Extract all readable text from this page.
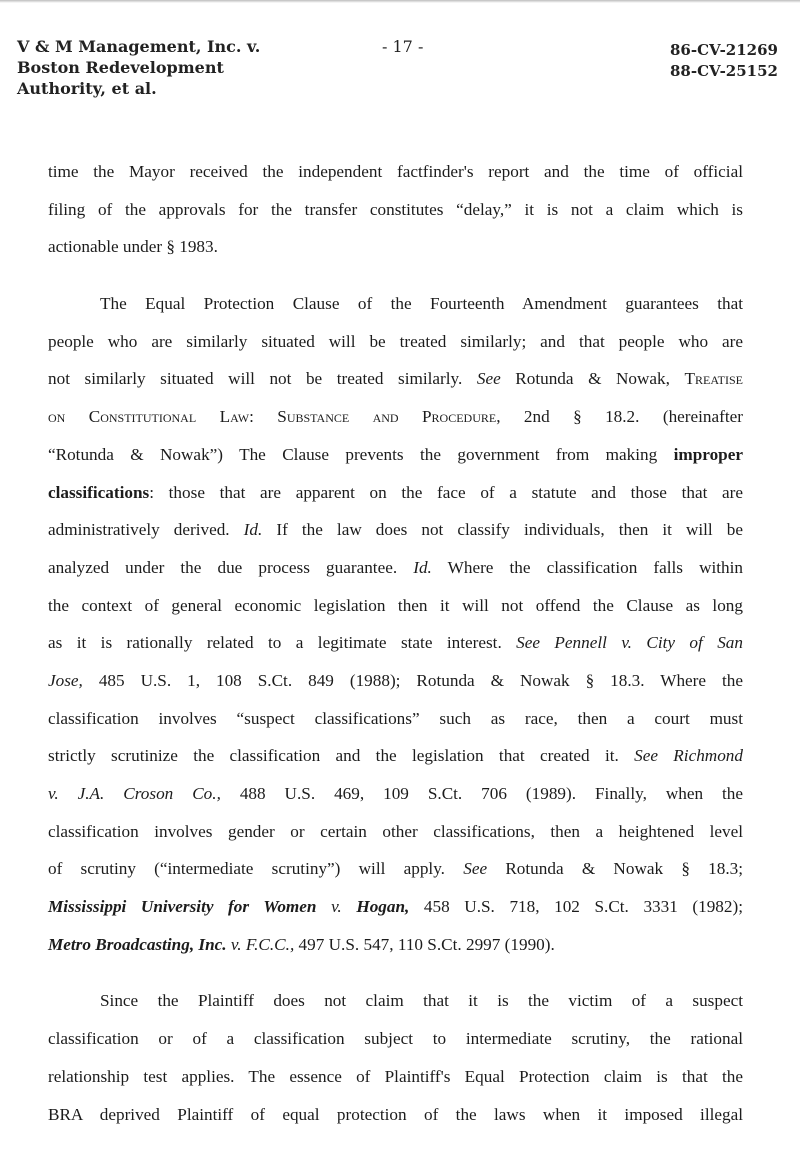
V & M Management, Inc. v.
Boston Redevelopment
Authority, et al.
- 17 -	86-CV-21269
88-CV-25152
time the Mayor received the independent factfinder's report and the time of official
filing of the approvals for the transfer constitutes “delay,” it is not a claim which is
actionable under § 1983.
The Equal Protection Clause of the Fourteenth Amendment guarantees that
people who are similarly situated will be treated similarly; and that people who are
not similarly situated will not be treated similarly. See Rotunda & Nowak, Treatise
on Constitutional Law: Substance and Procedure, 2nd § 18.2. (hereinafter
“Rotunda & Nowak”) The Clause prevents the government from making improper
classifications: those that are apparent on the face of a statute and those that are
administratively derived. Id. If the law does not classify individuals, then it will be
analyzed under the due process guarantee. Id. Where the classification falls within
the context of general economic legislation then it will not offend the Clause as long
as it is rationally related to a legitimate state interest. See Pennell v. City of San
Jose, 485 U.S. 1, 108 S.Ct. 849 (1988); Rotunda & Nowak § 18.3. Where the
classification involves “suspect classifications” such as race, then a court must
strictly scrutinize the classification and the legislation that created it. See Richmond
v. J.A. Croson Co., 488 U.S. 469, 109 S.Ct. 706 (1989). Finally, when the
classification involves gender or certain other classifications, then a heightened level
of scrutiny (“intermediate scrutiny”) will apply. See Rotunda & Nowak § 18.3;
Mississippi University for Women v. Hogan, 458 U.S. 718, 102 S.Ct. 3331 (1982);
Metro Broadcasting, Inc. v. F.C.C., 497 U.S. 547, 110 S.Ct. 2997 (1990).
Since the Plaintiff does not claim that it is the victim of a suspect
classification or of a classification subject to intermediate scrutiny, the rational
relationship test applies. The essence of Plaintiff's Equal Protection claim is that the
BRA deprived Plaintiff of equal protection of the laws when it imposed illegal
